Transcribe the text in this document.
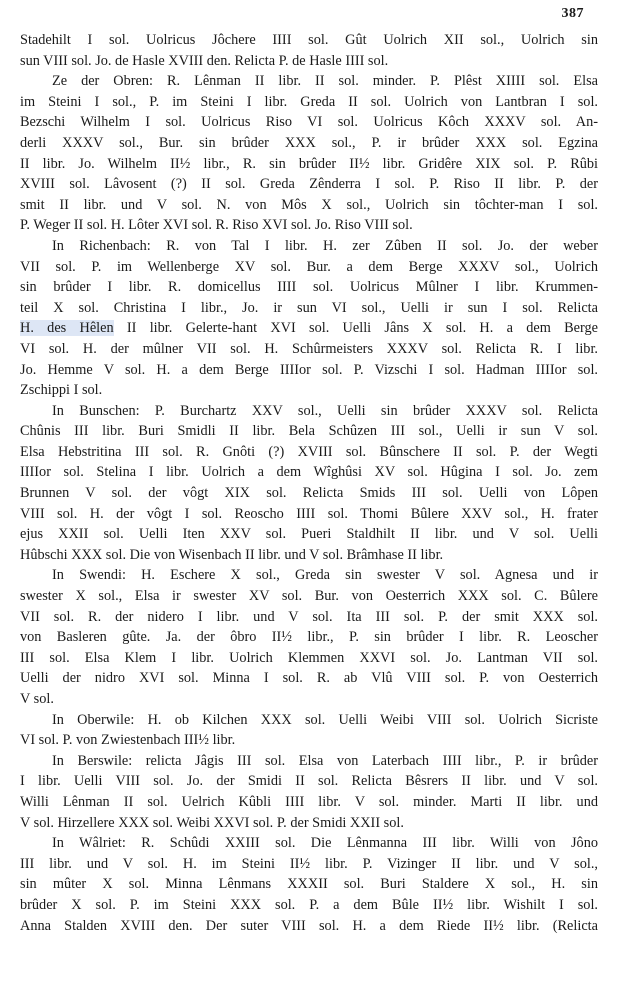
387
Stadehilt I sol. Uolricus Jôchere IIII sol. Gût Uolrich XII sol., Uolrich sin
sun VIII sol. Jo. de Hasle XVIII den. Relicta P. de Hasle IIII sol.
Ze der Obren: R. Lênman II libr. II sol. minder. P. Plêst XIIII sol. Elsa
im Steini I sol., P. im Steini I libr. Greda II sol. Uolrich von Lantbran I sol.
Bezschi Wilhelm I sol. Uolricus Riso VI sol. Uolricus Kôch XXXV sol. An-
derli XXXV sol., Bur. sin brûder XXX sol., P. ir brûder XXX sol. Egzina
II libr. Jo. Wilhelm II½ libr., R. sin brûder II½ libr. Gridêre XIX sol. P. Rûbi
XVIII sol. Lâvosent (?) II sol. Greda Zênderra I sol. P. Riso II libr. P. der
smit II libr. und V sol. N. von Môs X sol., Uolrich sin tôchter-man I sol.
P. Weger II sol. H. Lôter XVI sol. R. Riso XVI sol. Jo. Riso VIII sol.
In Richenbach: R. von Tal I libr. H. zer Zûben II sol. Jo. der weber
VII sol. P. im Wellenberge XV sol. Bur. a dem Berge XXXV sol., Uolrich
sin brûder I libr. R. domicellus IIII sol. Uolricus Mûlner I libr. Krummen-
teil X sol. Christina I libr., Jo. ir sun VI sol., Uelli ir sun I sol. Relicta
H. des Hêlen II libr. Gelerte-hant XVI sol. Uelli Jâns X sol. H. a dem Berge
VI sol. H. der mûlner VII sol. H. Schûrmeisters XXXV sol. Relicta R. I libr.
Jo. Hemme V sol. H. a dem Berge IIIIor sol. P. Vizschi I sol. Hadman IIIIor sol.
Zschippi I sol.
In Bunschen: P. Burchartz XXV sol., Uelli sin brûder XXXV sol. Relicta
Chûnis III libr. Buri Smidli II libr. Bela Schûzen III sol., Uelli ir sun V sol.
Elsa Hebstritina III sol. R. Gnôti (?) XVIII sol. Bûnschere II sol. P. der Wegti
IIIIor sol. Stelina I libr. Uolrich a dem Wîghûsi XV sol. Hûgina I sol. Jo. zem
Brunnen V sol. der vôgt XIX sol. Relicta Smids III sol. Uelli von Lôpen
VIII sol. H. der vôgt I sol. Reoscho IIII sol. Thomi Bûlere XXV sol., H. frater
ejus XXII sol. Uelli Iten XXV sol. Pueri Staldhilt II libr. und V sol. Uelli
Hûbschi XXX sol. Die von Wisenbach II libr. und V sol. Brâmhase II libr.
In Swendi: H. Eschere X sol., Greda sin swester V sol. Agnesa und ir
swester X sol., Elsa ir swester XV sol. Bur. von Oesterrich XXX sol. C. Bûlere
VII sol. R. der nidero I libr. und V sol. Ita III sol. P. der smit XXX sol.
von Basleren gûte. Ja. der ôbro II½ libr., P. sin brûder I libr. R. Leoscher
III sol. Elsa Klem I libr. Uolrich Klemmen XXVI sol. Jo. Lantman VII sol.
Uelli der nidro XVI sol. Minna I sol. R. ab Vlû VIII sol. P. von Oesterrich
V sol.
In Oberwile: H. ob Kilchen XXX sol. Uelli Weibi VIII sol. Uolrich Sicriste
VI sol. P. von Zwiestenbach III½ libr.
In Berswile: relicta Jâgis III sol. Elsa von Laterbach IIII libr., P. ir brûder
I libr. Uelli VIII sol. Jo. der Smidi II sol. Relicta Bêsrers II libr. und V sol.
Willi Lênman II sol. Uelrich Kûbli IIII libr. V sol. minder. Marti II libr. und
V sol. Hirzellere XXX sol. Weibi XXVI sol. P. der Smidi XXII sol.
In Wâlriet: R. Schûdi XXIII sol. Die Lênmanna III libr. Willi von Jôno
III libr. und V sol. H. im Steini II½ libr. P. Vizinger II libr. und V sol.,
sin mûter X sol. Minna Lênmans XXXII sol. Buri Staldere X sol., H. sin
brûder X sol. P. im Steini XXX sol. P. a dem Bûle II½ libr. Wishilt I sol.
Anna Stalden XVIII den. Der suter VIII sol. H. a dem Riede II½ libr. (Relicta
